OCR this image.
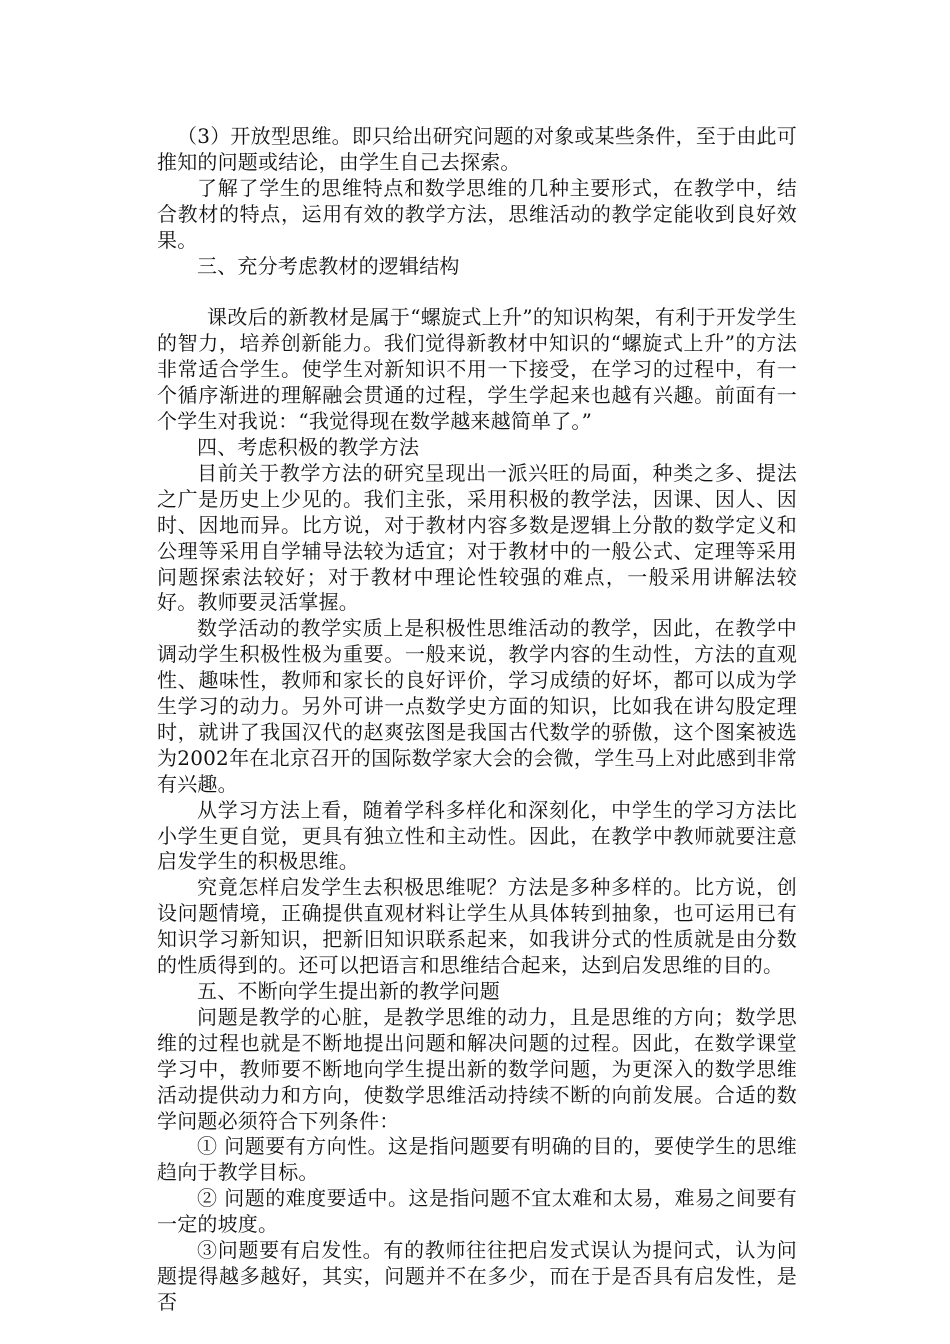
（3）开放型思维。即只给出研究问题的对象或某些条件，至于由此可推知的问题或结论，由学生自己去探索。

了解了学生的思维特点和数学思维的几种主要形式，在教学中，结合教材的特点，运用有效的教学方法，思维活动的教学定能收到良好效果。

三、充分考虑教材的逻辑结构

课改后的新教材是属于“螺旋式上升”的知识构架，有利于开发学生的智力，培养创新能力。我们觉得新教材中知识的“螺旋式上升”的方法非常适合学生。使学生对新知识不用一下接受，在学习的过程中，有一个循序渐进的理解融会贯通的过程，学生学起来也越有兴趣。前面有一个学生对我说：“我觉得现在数学越来越简单了。”

四、考虑积极的教学方法

目前关于教学方法的研究呈现出一派兴旺的局面，种类之多、提法之广是历史上少见的。我们主张，采用积极的教学法，因课、因人、因时、因地而异。比方说，对于教材内容多数是逻辑上分散的数学定义和公理等采用自学辅导法较为适宜；对于教材中的一般公式、定理等采用问题探索法较好；对于教材中理论性较强的难点，一般采用讲解法较好。教师要灵活掌握。

数学活动的教学实质上是积极性思维活动的教学，因此，在教学中调动学生积极性极为重要。一般来说，教学内容的生动性，方法的直观性、趣味性，教师和家长的良好评价，学习成绩的好坏，都可以成为学生学习的动力。另外可讲一点数学史方面的知识，比如我在讲勾股定理时，就讲了我国汉代的赵爽弦图是我国古代数学的骄傲，这个图案被选为2002年在北京召开的国际数学家大会的会微，学生马上对此感到非常有兴趣。

从学习方法上看，随着学科多样化和深刻化，中学生的学习方法比小学生更自觉，更具有独立性和主动性。因此，在教学中教师就要注意启发学生的积极思维。

究竟怎样启发学生去积极思维呢？方法是多种多样的。比方说，创设问题情境，正确提供直观材料让学生从具体转到抽象，也可运用已有知识学习新知识，把新旧知识联系起来，如我讲分式的性质就是由分数的性质得到的。还可以把语言和思维结合起来，达到启发思维的目的。

五、不断向学生提出新的教学问题

问题是教学的心脏，是教学思维的动力，且是思维的方向；数学思维的过程也就是不断地提出问题和解决问题的过程。因此，在数学课堂学习中，教师要不断地向学生提出新的数学问题，为更深入的数学思维活动提供动力和方向，使数学思维活动持续不断的向前发展。合适的数学问题必须符合下列条件：

① 问题要有方向性。这是指问题要有明确的目的，要使学生的思维趋向于教学目标。

② 问题的难度要适中。这是指问题不宜太难和太易，难易之间要有一定的坡度。

③问题要有启发性。有的教师往往把启发式误认为提问式，认为问题提得越多越好，其实，问题并不在多少，而在于是否具有启发性，是否
